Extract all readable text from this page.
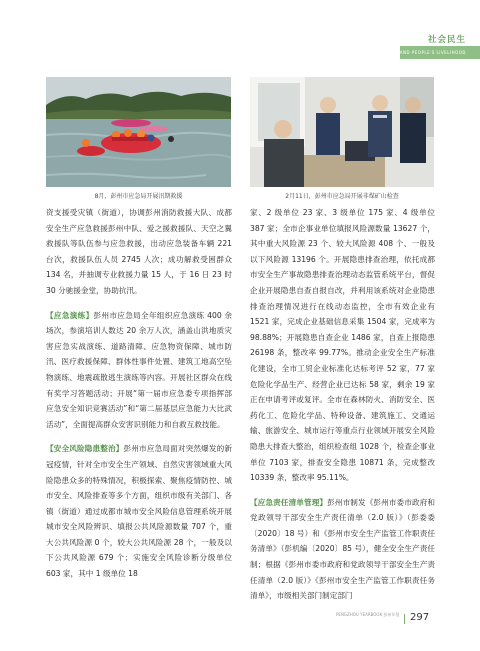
社会民生
SOCIETY AND PEOPLE'S LIVELIHOOD
8月，彭州市应急局开展汛期救援	2月11日，彭州市应急局开展非煤矿山检查

资支援受灾镇（街道），协调彭州消防救援大队、成都安全生产应急救援彭州中队、爱之援救援队、天空之翼救援队等队伍参与应急救援，出动应急装备车辆 221 台次，救援队伍人员 2745 人次；成功解救受困群众 134 名，并抽调专业救援力量 15 人，于 16 日 23 时 30 分驰援金堂，协助抗汛。

【应急演练】彭州市应急局全年组织应急演练 400 余场次，参演培训人数达 20 余万人次，涵盖山洪地质灾害应急实战演练、道路清障、应急物资保障、城市防汛、医疗救援保障、群体性事件处置、建筑工地高空坠物演练、地震疏散逃生演练等内容。开展社区群众在线有奖学习答题活动；开展“第一届市应急委专项指挥部应急安全知识竞赛活动”和“第二届基层应急能力大比武活动”，全面提高群众安害识别能力和自救互救技能。

【安全风险隐患整治】彭州市应急局面对突然爆发的新冠疫情，针对全市安全生产领域、自然灾害领域重大风险隐患众多的特殊情况，积极探索、聚焦疫情防控、城市安全、风险排查等多个方面，组织市级有关部门、各镇（街道）通过成都市城市安全风险信息管理系统开展城市安全风险辨识、填报公共风险源数量 707 个，重大公共风险源 0 个，较大公共风险源 28 个，一般及以下公共风险源 679 个；实施安全风险诊断分级单位 603 家，其中 1 级单位 18

家、2 级单位 23 家、3 级单位 175 家、4 级单位 387 家；全市企事业单位填报风险源数量 13627 个，其中重大风险源 23 个、较大风险源 408 个、一般及以下风险源 13196 个。开展隐患排查治理，依托成都市安全生产事故隐患排查治理动态监管系统平台，督促企业开展隐患自查自报自改，并利用该系统对企业隐患排查治理情况进行在线动态监控，全市有效企业有 1521 家，完成企业基础信息采集 1504 家，完成率为 98.88%；开展隐患自查企业 1486 家，自查上报隐患 26198 条，整改率 99.77%。推动企业安全生产标准化建设，全市工贸企业标准化达标考评 52 家，77 家危险化学品生产、经营企业已达标 58 家，剩余 19 家正在申请考评或复评。全市在森林防火、消防安全、医药化工、危险化学品、特种设备、建筑施工、交通运输、旅游安全、城市运行等重点行业领域开展安全风险隐患大排查大整治，组织检查组 1028 个，检查企事业单位 7103 家，排查安全隐患 10871 条，完成整改 10339 条，整改率 95.11%。

【应急责任清单管理】彭州市制发《彭州市委市政府和党政领导干部安全生产责任清单（2.0 版）》（彭委委〔2020〕18 号）和《彭州市安全生产监管工作职责任务清单》（彭机编〔2020〕85 号），健全安全生产责任制；根据《彭州市委市政府和党政领导干部安全生产责任清单（2.0 版）》《彭州市安全生产监管工作职责任务清单》，市级相关部门制定部门

PENGZHOU YEARBOOK 彭州年鉴 297
